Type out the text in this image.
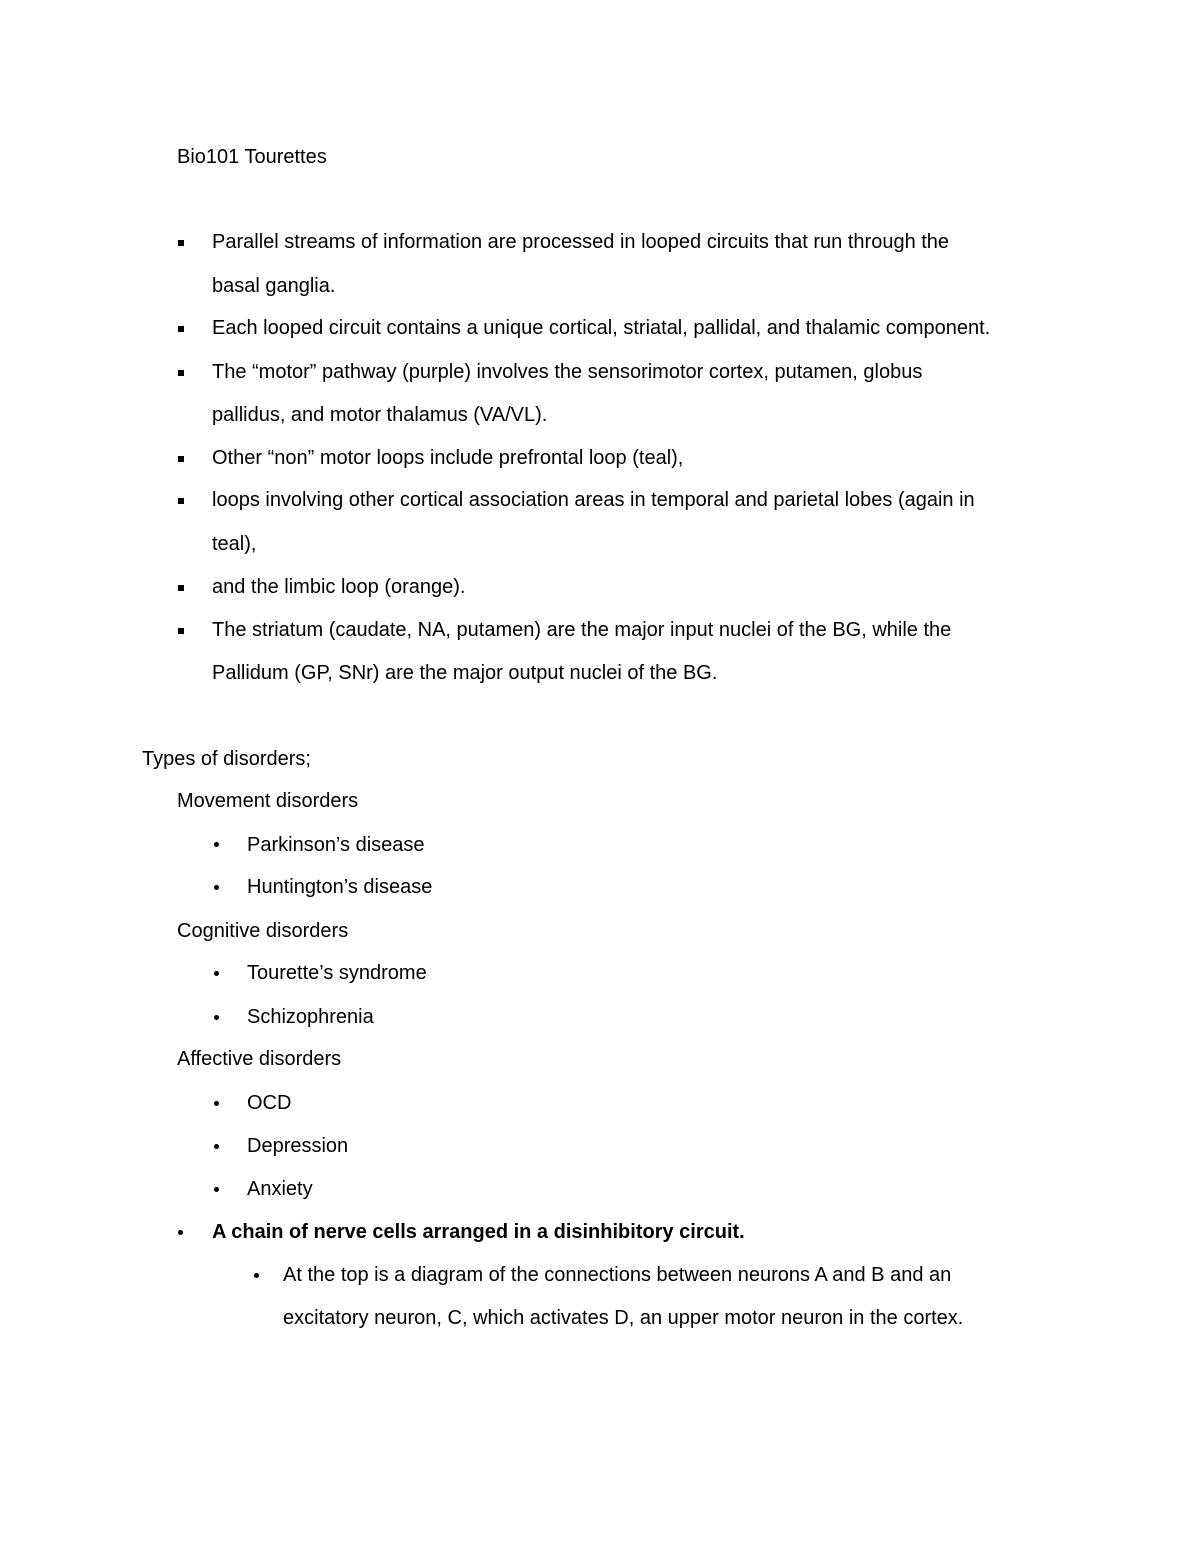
Bio101 Tourettes
Parallel streams of information are processed in looped circuits that run through the
basal ganglia.
Each looped circuit contains a unique cortical, striatal, pallidal, and thalamic component.
The “motor” pathway (purple) involves the sensorimotor cortex, putamen, globus
pallidus, and motor thalamus (VA/VL).
Other “non” motor loops include prefrontal loop (teal),
loops involving other cortical association areas in temporal and parietal lobes (again in
teal),
and the limbic loop (orange).
The striatum (caudate, NA, putamen) are the major input nuclei of the BG, while the
Pallidum (GP, SNr) are the major output nuclei of the BG.
Types of disorders;
Movement disorders
Parkinson’s disease
Huntington’s disease
Cognitive disorders
Tourette’s syndrome
Schizophrenia
Affective disorders
OCD
Depression
Anxiety
A chain of nerve cells arranged in a disinhibitory circuit.
At the top is a diagram of the connections between neurons A and B and an
excitatory neuron, C, which activates D, an upper motor neuron in the cortex.
